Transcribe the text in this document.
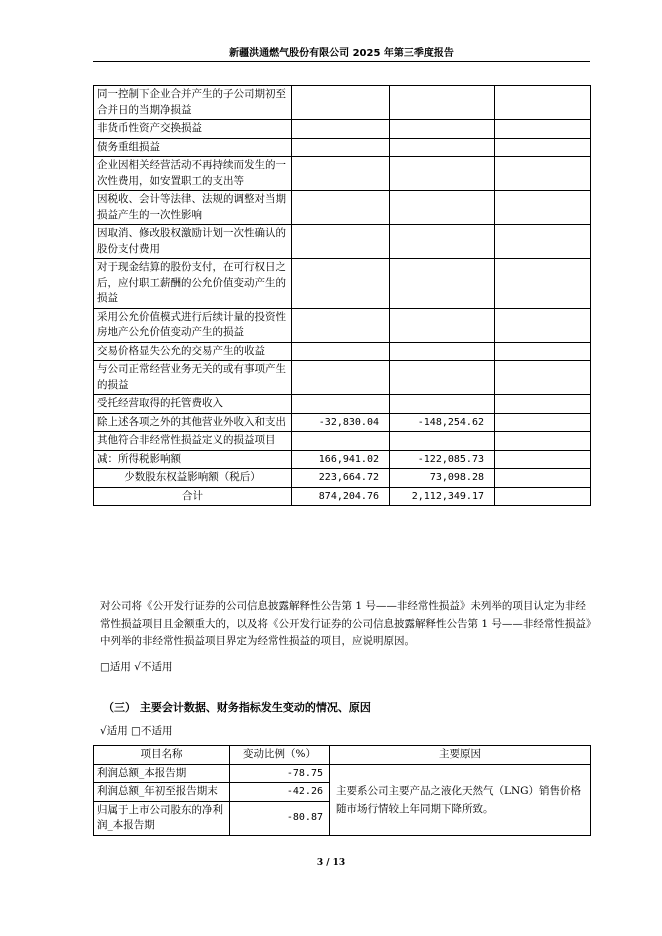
新疆洪通燃气股份有限公司 2025 年第三季度报告
同一控制下企业合并产生的子公司期初至合并日的当期净损益			
非货币性资产交换损益			
债务重组损益			
企业因相关经营活动不再持续而发生的一次性费用，如安置职工的支出等			
因税收、会计等法律、法规的调整对当期损益产生的一次性影响			
因取消、修改股权激励计划一次性确认的股份支付费用			
对于现金结算的股份支付，在可行权日之后，应付职工薪酬的公允价值变动产生的损益			
采用公允价值模式进行后续计量的投资性房地产公允价值变动产生的损益			
交易价格显失公允的交易产生的收益			
与公司正常经营业务无关的或有事项产生的损益			
受托经营取得的托管费收入			
除上述各项之外的其他营业外收入和支出	-32,830.04	-148,254.62	
其他符合非经常性损益定义的损益项目			
减：所得税影响额	166,941.02	-122,085.73	
少数股东权益影响额（税后）	223,664.72	73,098.28	
合计	874,204.76	2,112,349.17	
对公司将《公开发行证券的公司信息披露解释性公告第 1 号——非经常性损益》未列举的项目认定为非经常性损益项目且金额重大的，以及将《公开发行证券的公司信息披露解释性公告第 1 号——非经常性损益》中列举的非经常性损益项目界定为经常性损益的项目，应说明原因。
□适用 √不适用
（三） 主要会计数据、财务指标发生变动的情况、原因
√适用 □不适用
项目名称	变动比例（%）	主要原因
利润总额_本报告期	-78.75	主要系公司主要产品之液化天然气（LNG）销售价格随市场行情较上年同期下降所致。
利润总额_年初至报告期末	-42.26	
归属于上市公司股东的净利润_本报告期	-80.87	
3 / 13
